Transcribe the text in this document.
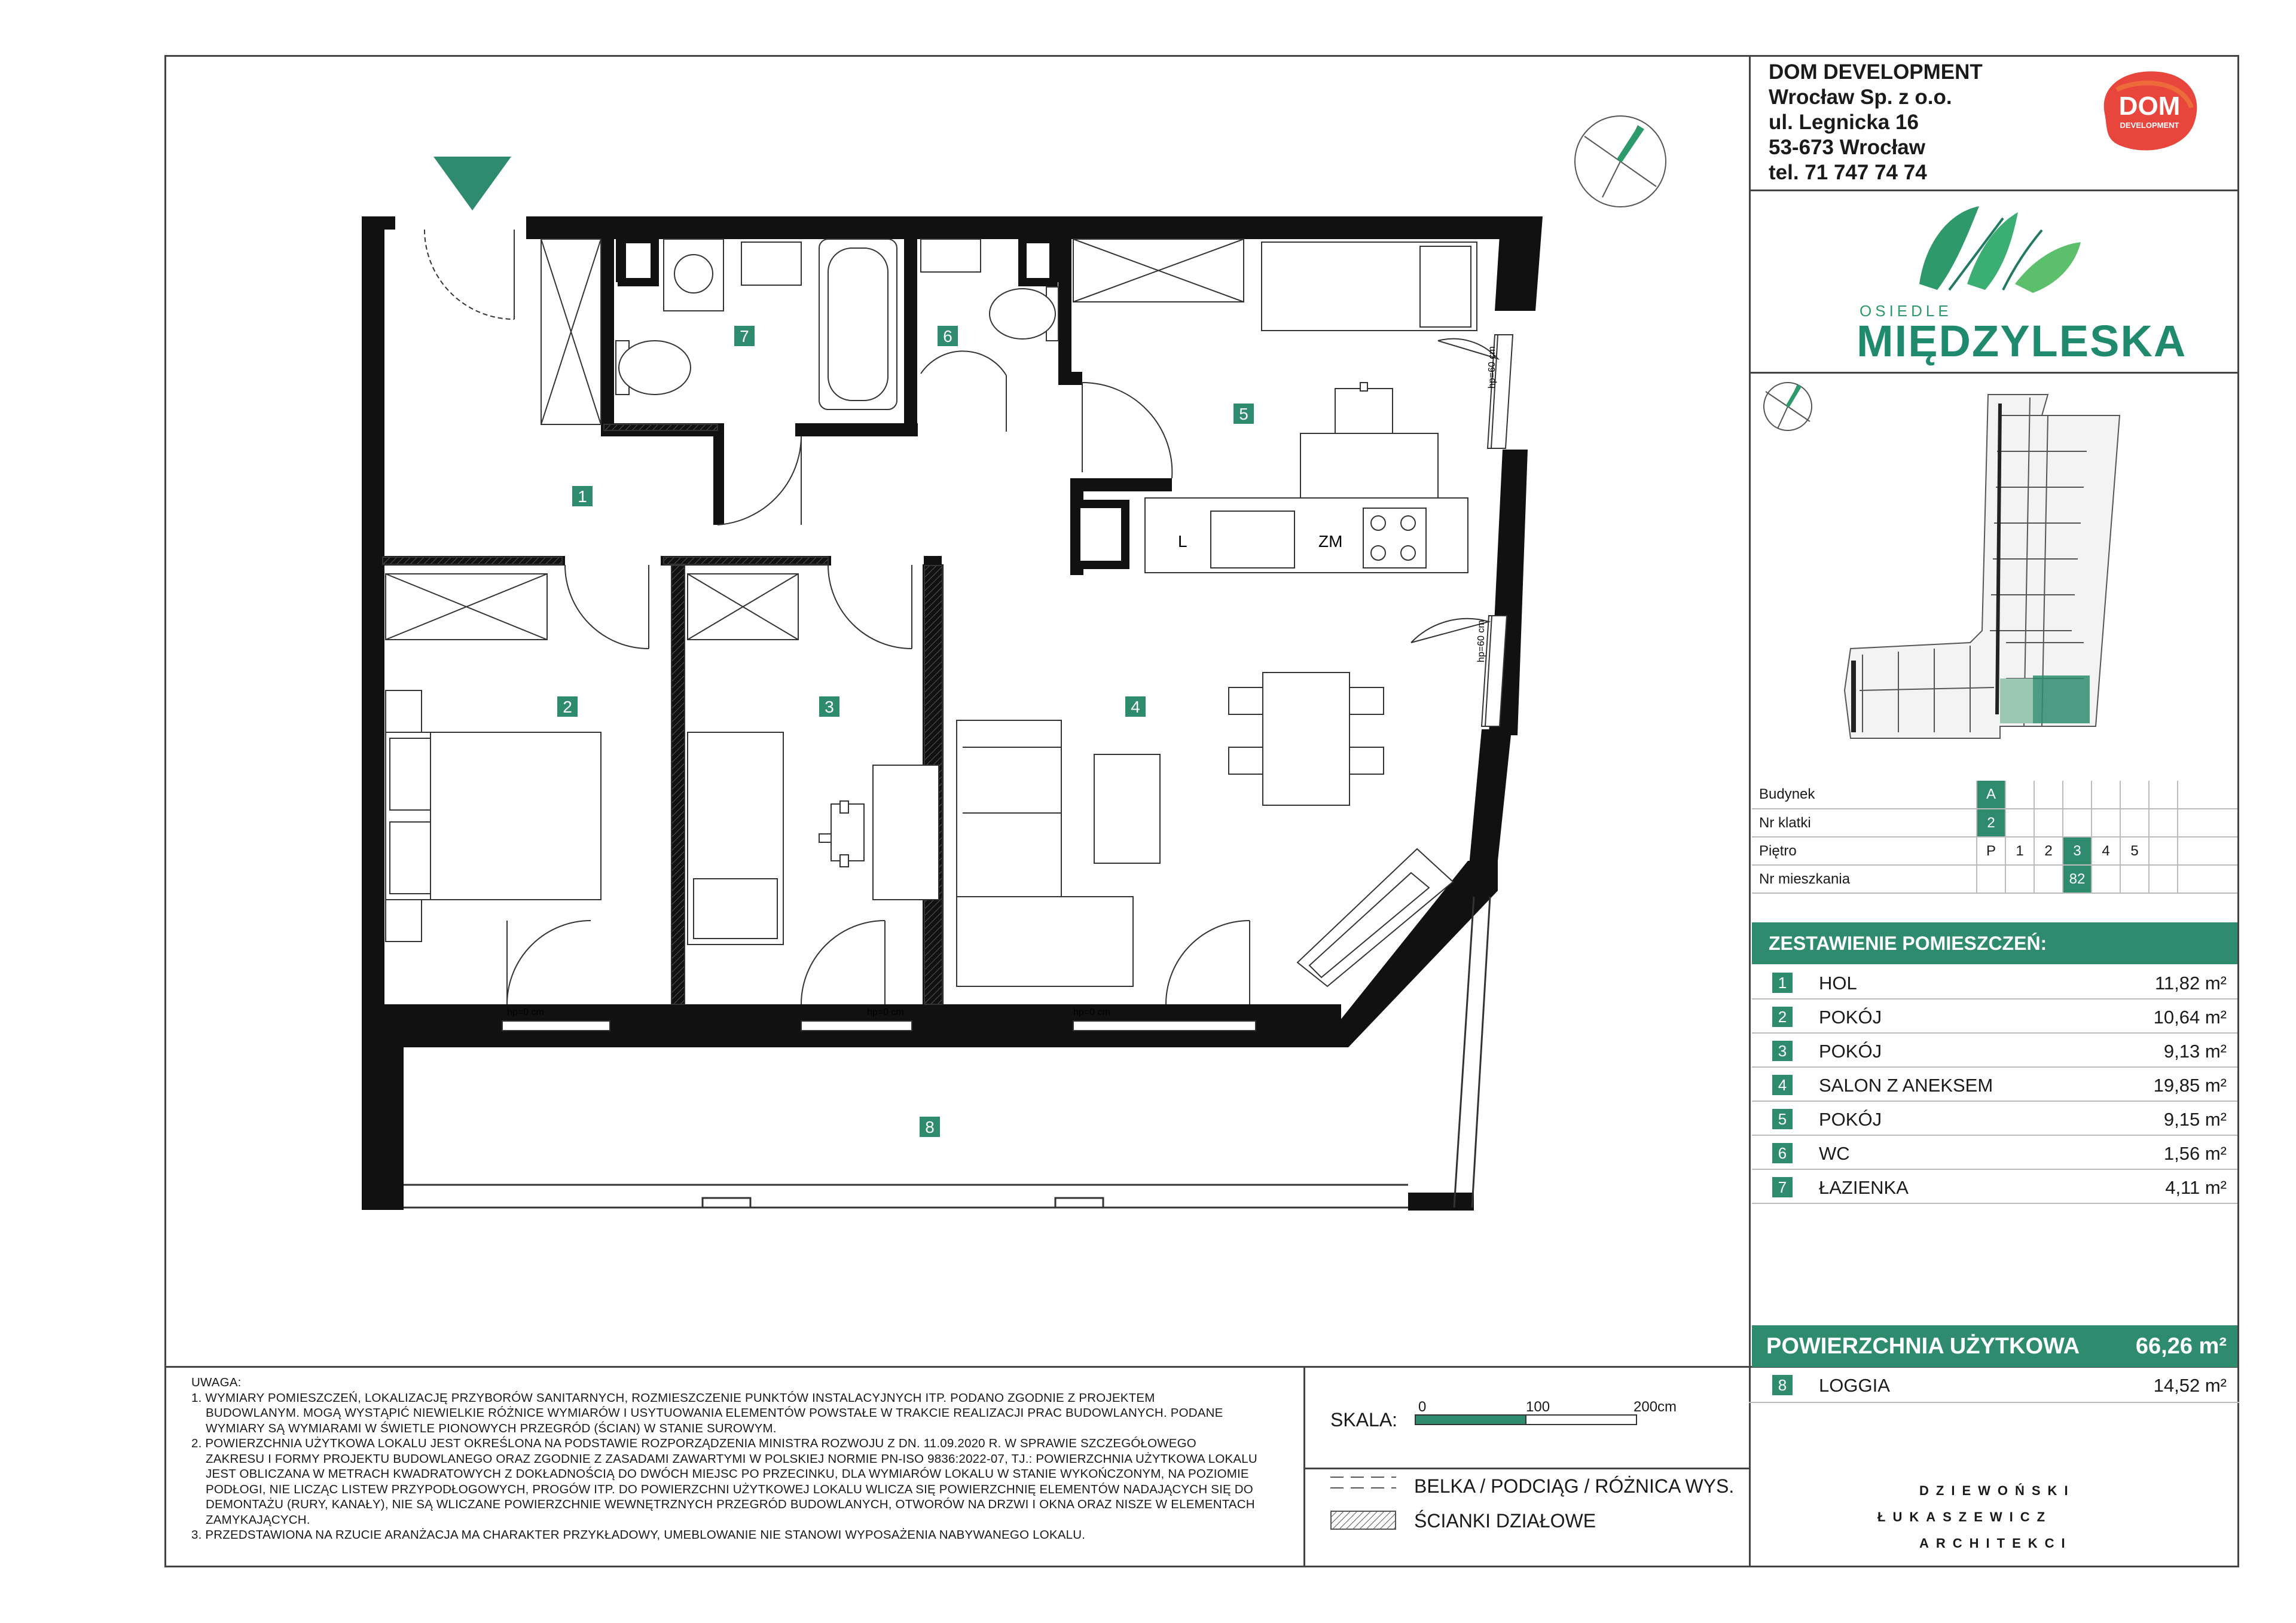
DOM DEVELOPMENT
Wrocław Sp. z o.o.
ul. Legnicka 16
53-673 Wrocław
tel. 71 747 74 74
DOM
DEVELOPMENT
OSIEDLE
MIĘDZYLESKA
Budynek	A								
Nr klatki	2								
Piętro	P	1	2	3	4	5			
Nr mieszkania				82					
ZESTAWIENIE POMIESZCZEŃ:
1	HOL	11,82 m²
2	POKÓJ	10,64 m²
3	POKÓJ	9,13 m²
4	SALON Z ANEKSEM	19,85 m²
5	POKÓJ	9,15 m²
6	WC	1,56 m²
7	ŁAZIENKA	4,11 m²
POWIERZCHNIA UŻYTKOWA 66,26 m²
8	LOGGIA	14,52 m²
1
2	3	4
5
6
7
8
L	ZM
hp=0 cm	hp=0 cm	hp=0 cm
hp=60 cm
hp=60 cm

UWAGA:

1. WYMIARY POMIESZCZEŃ, LOKALIZACJĘ PRZYBORÓW SANITARNYCH, ROZMIESZCZENIE PUNKTÓW INSTALACYJNYCH ITP. PODANO ZGODNIE Z PROJEKTEM

BUDOWLANYM. MOGĄ WYSTĄPIĆ NIEWIELKIE RÓŻNICE WYMIARÓW I USYTUOWANIA ELEMENTÓW POWSTAŁE W TRAKCIE REALIZACJI PRAC BUDOWLANYCH. PODANE

WYMIARY SĄ WYMIARAMI W ŚWIETLE PIONOWYCH PRZEGRÓD (ŚCIAN) W STANIE SUROWYM.

2. POWIERZCHNIA UŻYTKOWA LOKALU JEST OKREŚLONA NA PODSTAWIE ROZPORZĄDZENIA MINISTRA ROZWOJU Z DN. 11.09.2020 R. W SPRAWIE SZCZEGÓŁOWEGO

ZAKRESU I FORMY PROJEKTU BUDOWLANEGO ORAZ ZGODNIE Z ZASADAMI ZAWARTYMI W POLSKIEJ NORMIE PN-ISO 9836:2022-07, TJ.: POWIERZCHNIA UŻYTKOWA LOKALU

JEST OBLICZANA W METRACH KWADRATOWYCH Z DOKŁADNOŚCIĄ DO DWÓCH MIEJSC PO PRZECINKU, DLA WYMIARÓW LOKALU W STANIE WYKOŃCZONYM, NA POZIOMIE

PODŁOGI, NIE LICZĄC LISTEW PRZYPODŁOGOWYCH, PROGÓW ITP. DO POWIERZCHNI UŻYTKOWEJ LOKALU WLICZA SIĘ POWIERZCHNIĘ ELEMENTÓW NADAJĄCYCH SIĘ DO

DEMONTAŻU (RURY, KANAŁY), NIE SĄ WLICZANE POWIERZCHNIE WEWNĘTRZNYCH PRZEGRÓD BUDOWLANYCH, OTWORÓW NA DRZWI I OKNA ORAZ NISZE W ELEMENTACH

ZAMYKAJĄCYCH.

3. PRZEDSTAWIONA NA RZUCIE ARANŻACJA MA CHARAKTER PRZYKŁADOWY, UMEBLOWANIE NIE STANOWI WYPOSAŻENIA NABYWANEGO LOKALU.

SKALA:
0	100	200cm
BELKA / PODCIĄG / RÓŻNICA WYS.
ŚCIANKI DZIAŁOWE
DZIEWOŃSKI
ŁUKASZEWICZ
ARCHITEKCI
